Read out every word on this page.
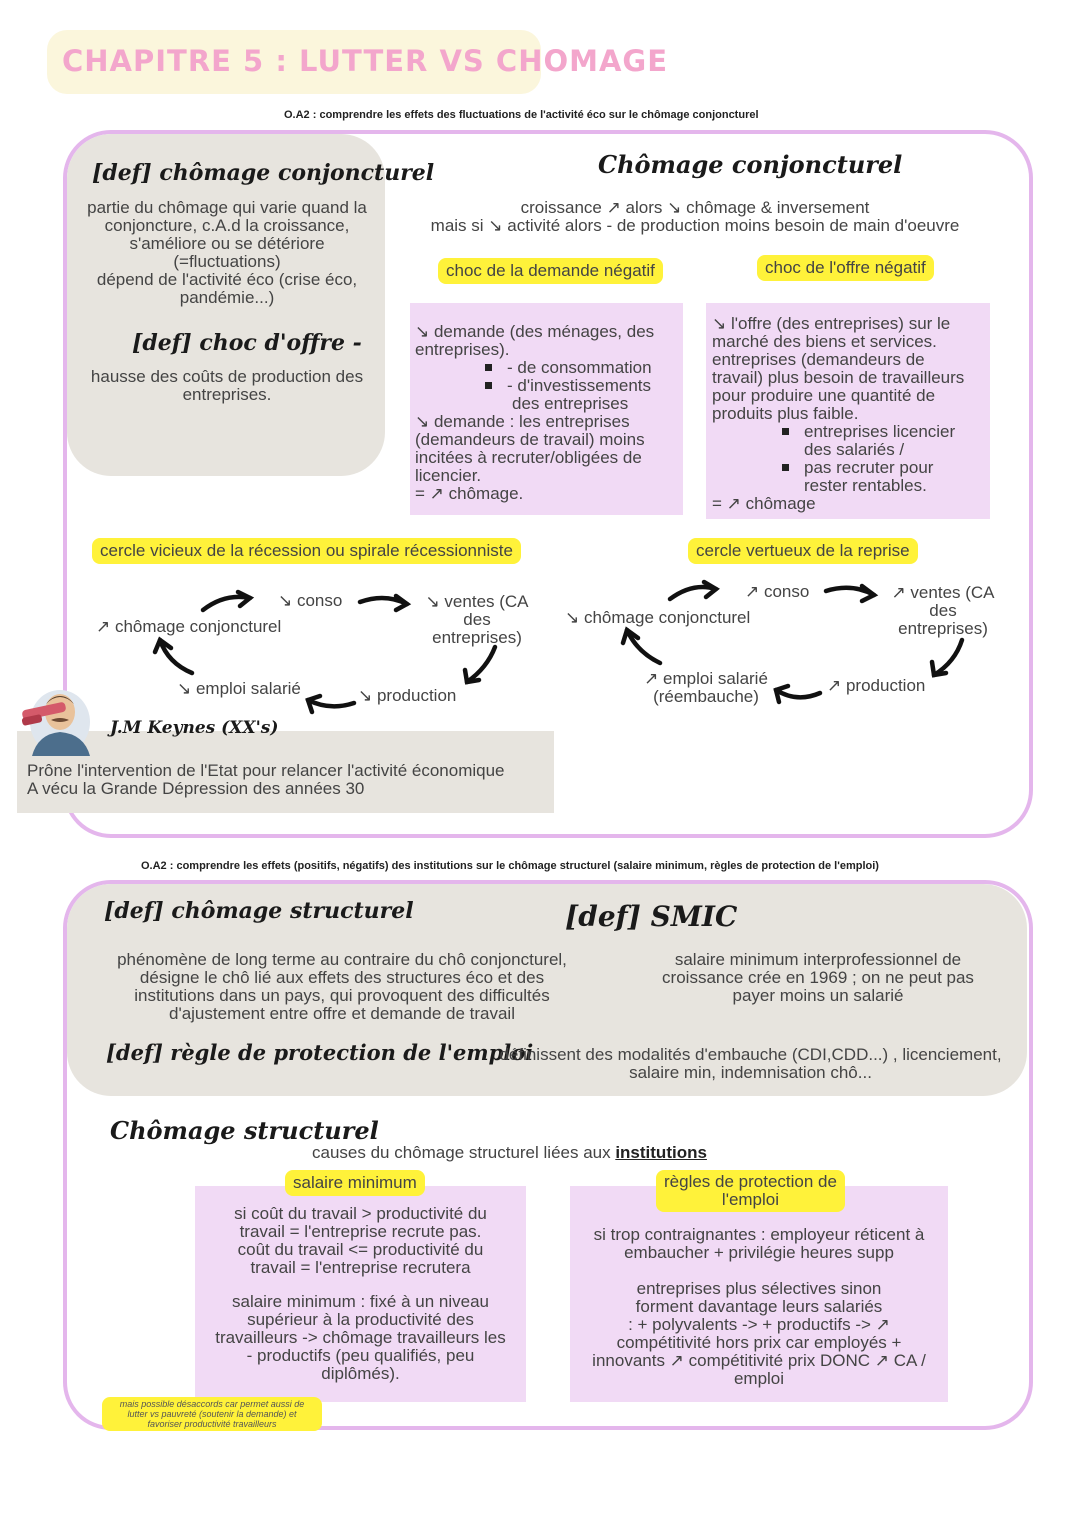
CHAPITRE 5 : LUTTER VS CHOMAGE
O.A2 : comprendre les effets des fluctuations de l'activité éco sur le chômage conjoncturel
[def] chômage conjoncturel
partie du chômage qui varie quand la
conjoncture, c.A.d la croissance,
s'améliore ou se détériore
(=fluctuations)
dépend de l'activité éco (crise éco,
pandémie...)
[def] choc d'offre -
hausse des coûts de production des
entreprises.
Chômage conjoncturel
croissance ↗ alors ↘ chômage & inversement
mais si ↘ activité alors - de production moins besoin de main d'oeuvre
choc de la demande négatif	choc de l'offre négatif
↘ demande (des ménages, des
entreprises).
- de consommation
- d'investissements
des entreprises
↘ demande : les entreprises
(demandeurs de travail) moins
incitées à recruter/obligées de
licencier.
= ↗ chômage.
↘ l'offre (des entreprises) sur le
marché des biens et services.
entreprises (demandeurs de
travail) plus besoin de travailleurs
pour produire une quantité de
produits plus faible.
entreprises licencier
des salariés /
pas recruter pour
rester rentables.
= ↗ chômage
cercle vicieux de la récession ou spirale récessionniste	cercle vertueux de la reprise
↗ chômage conjoncturel
↘ conso	↘ ventes (CA des
entreprises)
↘ production
↘ emploi salarié
↘ chômage conjoncturel
↗ conso	↗ ventes (CA des
entreprises)
↗ production
↗ emploi salarié
(réembauche)
J.M Keynes (XX's)
Prône l'intervention de l'Etat pour relancer l'activité économique
A vécu la Grande Dépression des années 30
O.A2 : comprendre les effets (positifs, négatifs) des institutions sur le chômage structurel (salaire minimum, règles de protection de l'emploi)
[def] chômage structurel
phénomène de long terme au contraire du chô conjoncturel,
désigne le chô lié aux effets des structures éco et des
institutions dans un pays, qui provoquent des difficultés
d'ajustement entre offre et demande de travail
[def] SMIC
salaire minimum interprofessionnel de
croissance crée en 1969 ; on ne peut pas
payer moins un salarié
[def] règle de protection de l'emploi
définissent des modalités d'embauche (CDI,CDD...) , licenciement,
salaire min, indemnisation chô...
Chômage structurel
causes du chômage structurel liées aux institutions
si coût du travail > productivité du
travail = l'entreprise recrute pas.
coût du travail <= productivité du
travail = l'entreprise recrutera
salaire minimum : fixé à un niveau
supérieur à la productivité des
travailleurs -> chômage travailleurs les
- productifs (peu qualifiés, peu
diplômés).
salaire minimum
si trop contraignantes : employeur réticent à
embaucher + privilégie heures supp
entreprises plus sélectives sinon
forment davantage leurs salariés
: + polyvalents -> + productifs -> ↗
compétitivité hors prix car employés +
innovants ↗ compétitivité prix DONC ↗ CA /
emploi
règles de protection de
l'emploi
mais possible désaccords car permet aussi de
lutter vs pauvreté (soutenir la demande) et
favoriser productivité travailleurs
